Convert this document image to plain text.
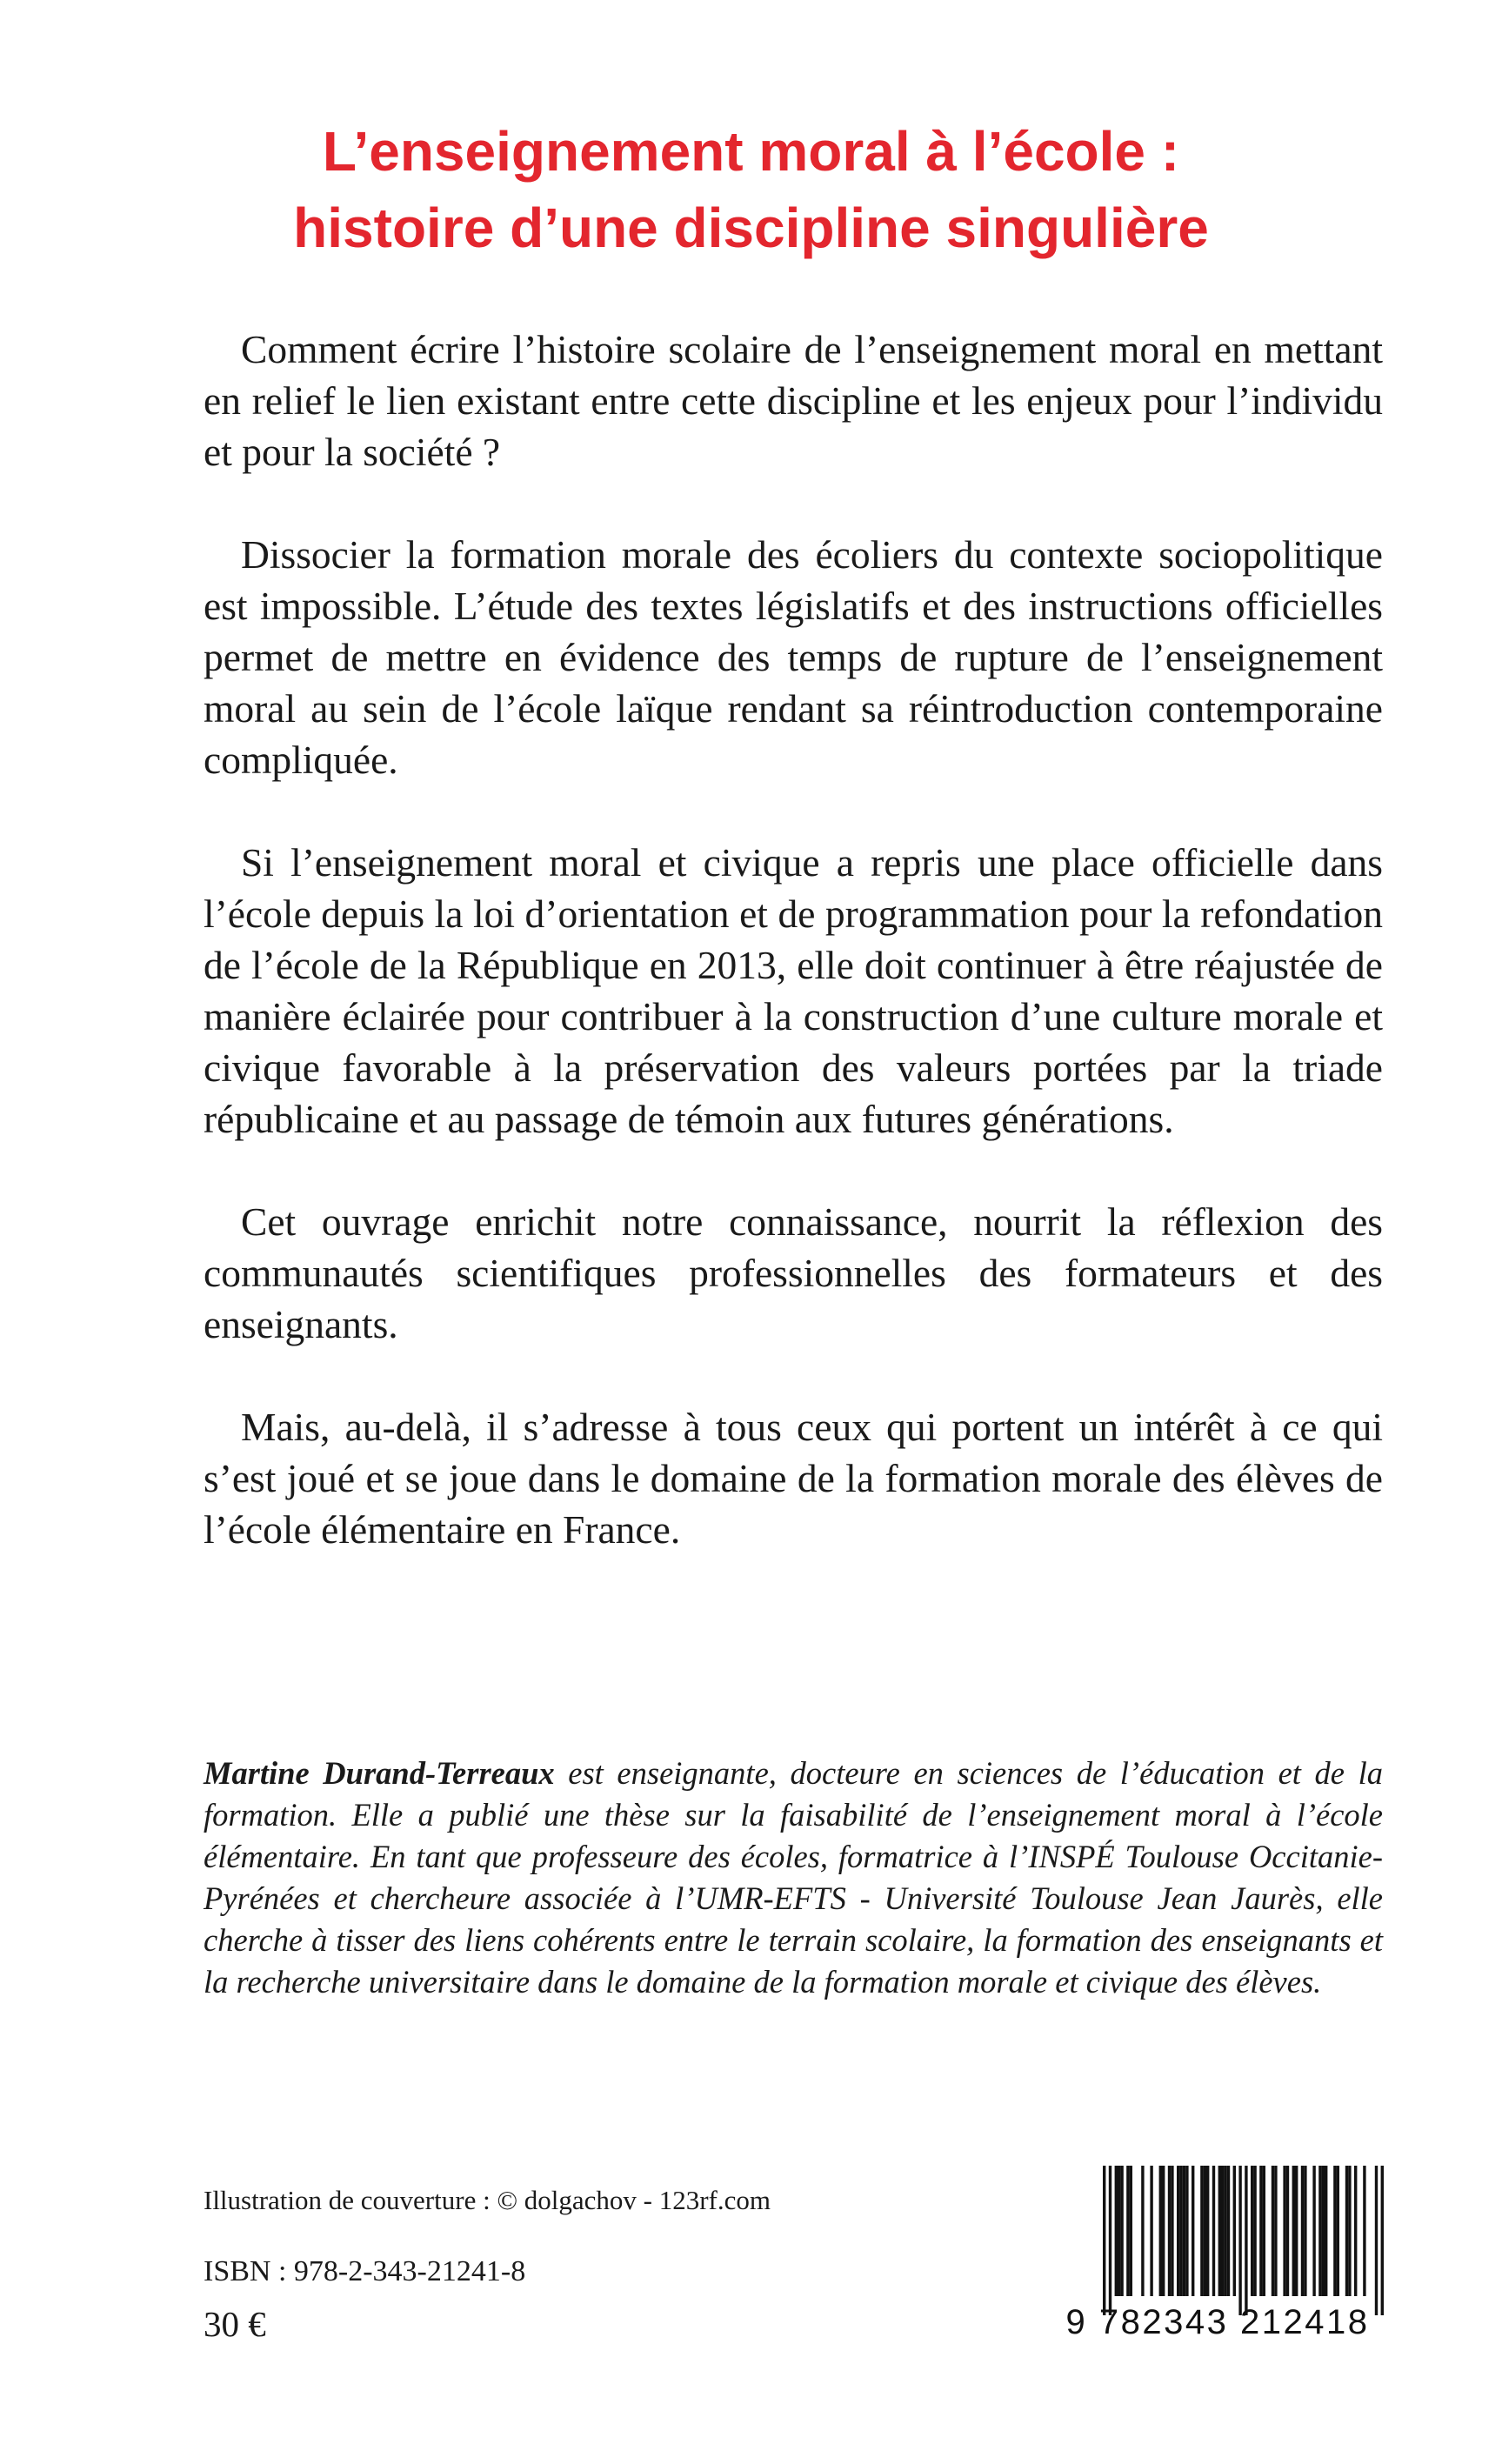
L’enseignement moral à l’école :
histoire d’une discipline singulière

Comment écrire l’histoire scolaire de l’enseignement moral en mettant en relief le lien existant entre cette discipline et les enjeux pour l’individu et pour la société ?

Dissocier la formation morale des écoliers du contexte sociopolitique est impossible. L’étude des textes législatifs et des instructions officielles permet de mettre en évidence des temps de rupture de l’enseignement moral au sein de l’école laïque rendant sa réintroduction contemporaine compliquée.

Si l’enseignement moral et civique a repris une place officielle dans l’école depuis la loi d’orientation et de programmation pour la refondation de l’école de la République en 2013, elle doit continuer à être réajustée de manière éclairée pour contribuer à la construction d’une culture morale et civique favorable à la préservation des valeurs portées par la triade républicaine et au passage de témoin aux futures générations.

Cet ouvrage enrichit notre connaissance, nourrit la réflexion des communautés scientifiques professionnelles des formateurs et des enseignants.

Mais, au-delà, il s’adresse à tous ceux qui portent un intérêt à ce qui s’est joué et se joue dans le domaine de la formation morale des élèves de l’école élémentaire en France.

Martine Durand-Terreaux est enseignante, docteure en sciences de l’éducation et de la formation. Elle a publié une thèse sur la faisabilité de l’enseignement moral à l’école élémentaire. En tant que professeure des écoles, formatrice à l’INSPÉ Toulouse Occitanie-Pyrénées et chercheure associée à l’UMR-EFTS - Université Toulouse Jean Jaurès, elle cherche à tisser des liens cohérents entre le terrain scolaire, la formation des enseignants et la recherche universitaire dans le domaine de la formation morale et civique des élèves.

Illustration de couverture : © dolgachov - 123rf.com

ISBN : 978-2-343-21241-8

30 €	9 782343 212418
